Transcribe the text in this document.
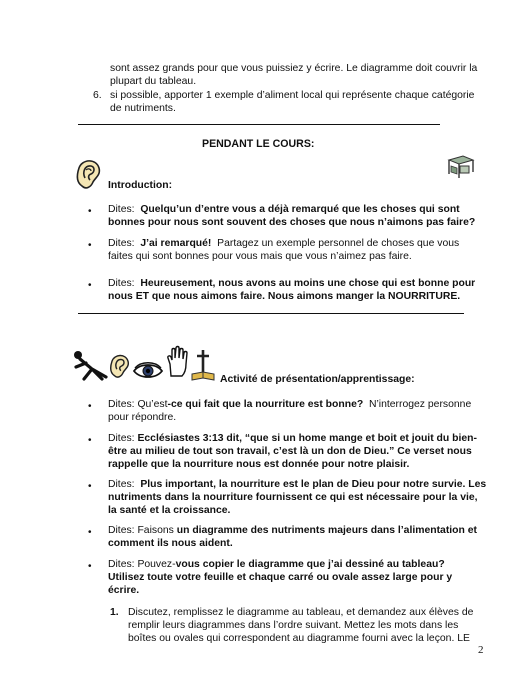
sont assez grands pour que vous puissiez y écrire. Le diagramme doit couvrir la plupart du tableau.
6. si possible, apporter 1 exemple d’aliment local qui représente chaque catégorie de nutriments.
PENDANT LE COURS:
Introduction:
• Dites: Quelqu’un d’entre vous a déjà remarqué que les choses qui sont bonnes pour nous sont souvent des choses que nous n’aimons pas faire?
• Dites: J’ai remarqué! Partagez un exemple personnel de choses que vous faites qui sont bonnes pour vous mais que vous n’aimez pas faire.
• Dites: Heureusement, nous avons au moins une chose qui est bonne pour nous ET que nous aimons faire. Nous aimons manger la NOURRITURE.
Activité de présentation/apprentissage:
• Dites: Qu’est-ce qui fait que la nourriture est bonne? N’interrogez personne pour répondre.
• Dites: Ecclésiastes 3:13 dit, “que si un home mange et boit et jouit du bien-être au milieu de tout son travail, c’est là un don de Dieu.” Ce verset nous rappelle que la nourriture nous est donnée pour notre plaisir.
• Dites: Plus important, la nourriture est le plan de Dieu pour notre survie. Les nutriments dans la nourriture fournissent ce qui est nécessaire pour la vie, la santé et la croissance.
• Dites: Faisons un diagramme des nutriments majeurs dans l’alimentation et comment ils nous aident.
• Dites: Pouvez-vous copier le diagramme que j’ai dessiné au tableau? Utilisez toute votre feuille et chaque carré ou ovale assez large pour y écrire.
1. Discutez, remplissez le diagramme au tableau, et demandez aux élèves de remplir leurs diagrammes dans l’ordre suivant. Mettez les mots dans les boîtes ou ovales qui correspondent au diagramme fourni avec la leçon. LE
2
